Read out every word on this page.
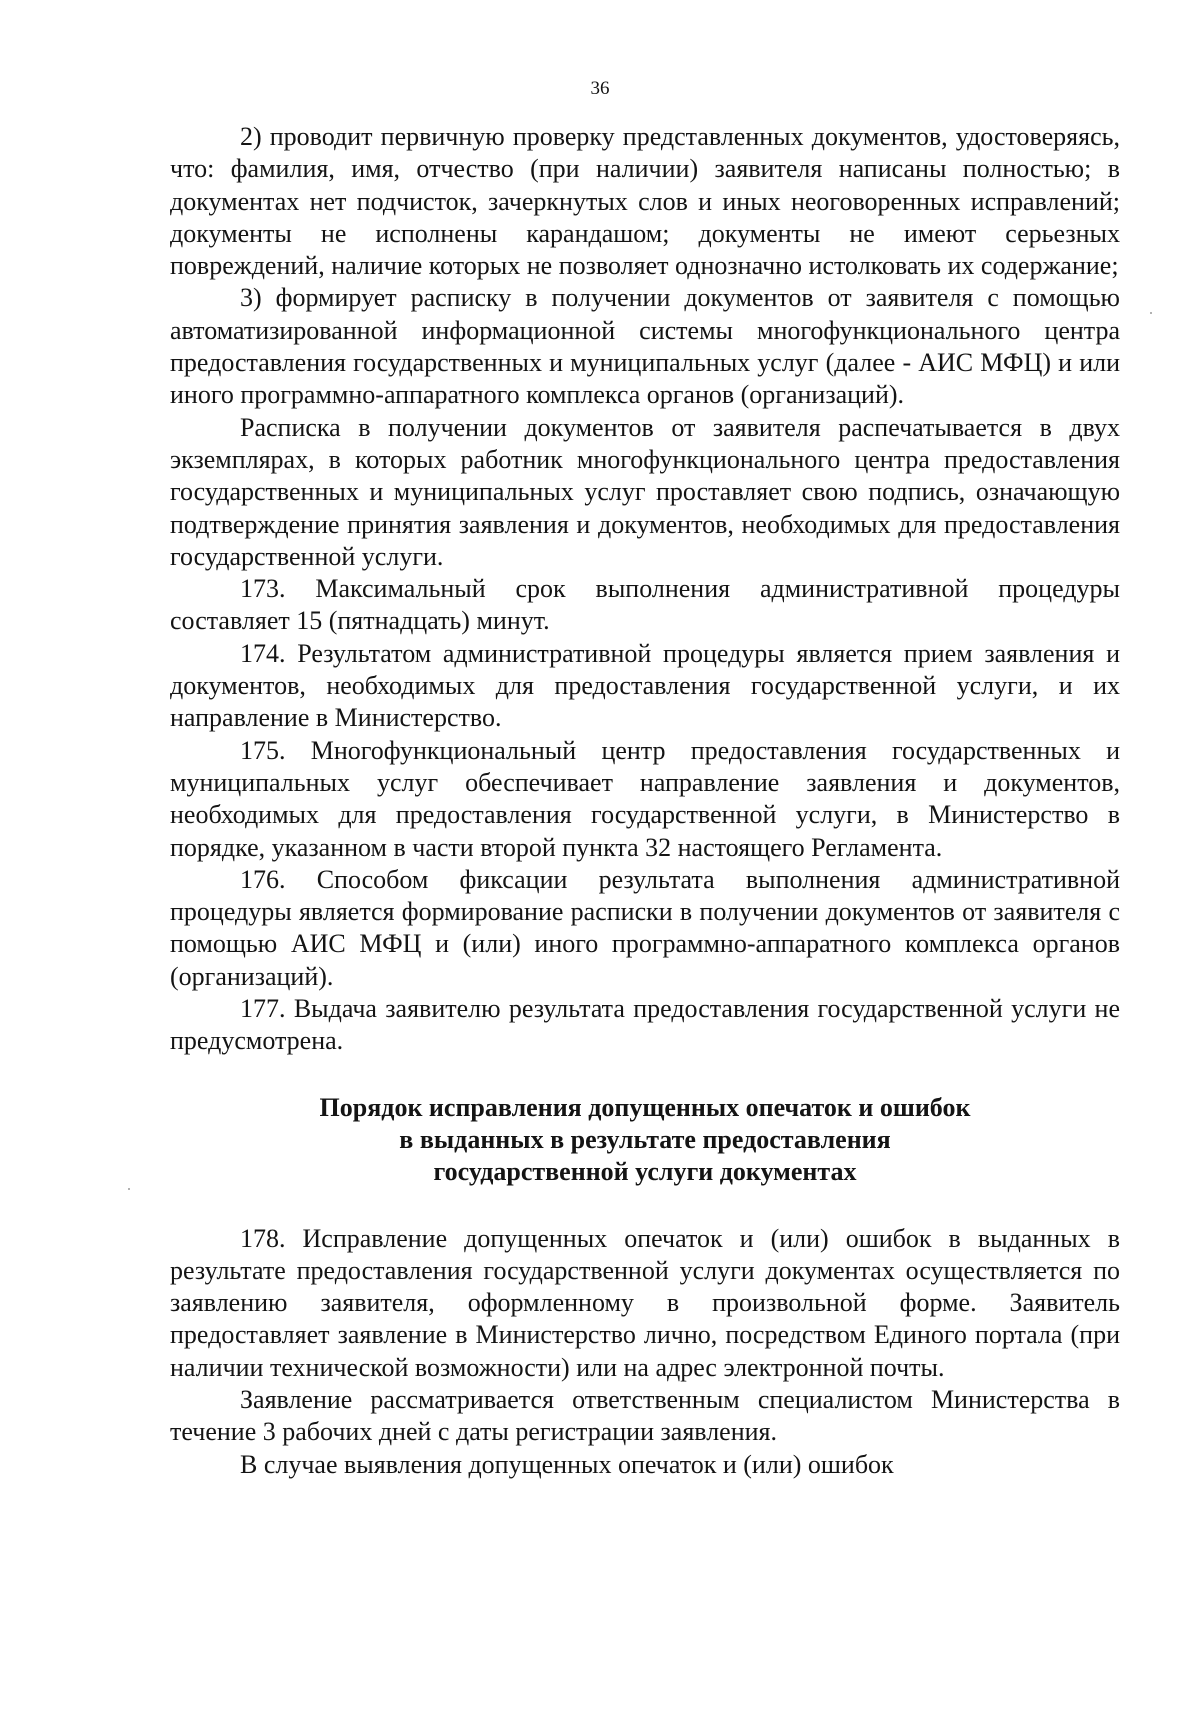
36

2) проводит первичную проверку представленных документов, удостоверяясь, что: фамилия, имя, отчество (при наличии) заявителя написаны полностью; в документах нет подчисток, зачеркнутых слов и иных неоговоренных исправлений; документы не исполнены карандашом; документы не имеют серьезных повреждений, наличие которых не позволяет однозначно истолковать их содержание;

3) формирует расписку в получении документов от заявителя с помощью автоматизированной информационной системы многофункционального центра предоставления государственных и муниципальных услуг (далее - АИС МФЦ) и или иного программно-аппаратного комплекса органов (организаций).

Расписка в получении документов от заявителя распечатывается в двух экземплярах, в которых работник многофункционального центра предоставления государственных и муниципальных услуг проставляет свою подпись, означающую подтверждение принятия заявления и документов, необходимых для предоставления государственной услуги.

173. Максимальный срок выполнения административной процедуры составляет 15 (пятнадцать) минут.

174. Результатом административной процедуры является прием заявления и документов, необходимых для предоставления государственной услуги, и их направление в Министерство.

175. Многофункциональный центр предоставления государственных и муниципальных услуг обеспечивает направление заявления и документов, необходимых для предоставления государственной услуги, в Министерство в порядке, указанном в части второй пункта 32 настоящего Регламента.

176. Способом фиксации результата выполнения административной процедуры является формирование расписки в получении документов от заявителя с помощью АИС МФЦ и (или) иного программно-аппаратного комплекса органов (организаций).

177. Выдача заявителю результата предоставления государственной услуги не предусмотрена.

Порядок исправления допущенных опечаток и ошибок
в выданных в результате предоставления
государственной услуги документах

178. Исправление допущенных опечаток и (или) ошибок в выданных в результате предоставления государственной услуги документах осуществляется по заявлению заявителя, оформленному в произвольной форме. Заявитель предоставляет заявление в Министерство лично, посредством Единого портала (при наличии технической возможности) или на адрес электронной почты.

Заявление рассматривается ответственным специалистом Министерства в течение 3 рабочих дней с даты регистрации заявления.

В случае выявления допущенных опечаток и (или) ошибок
